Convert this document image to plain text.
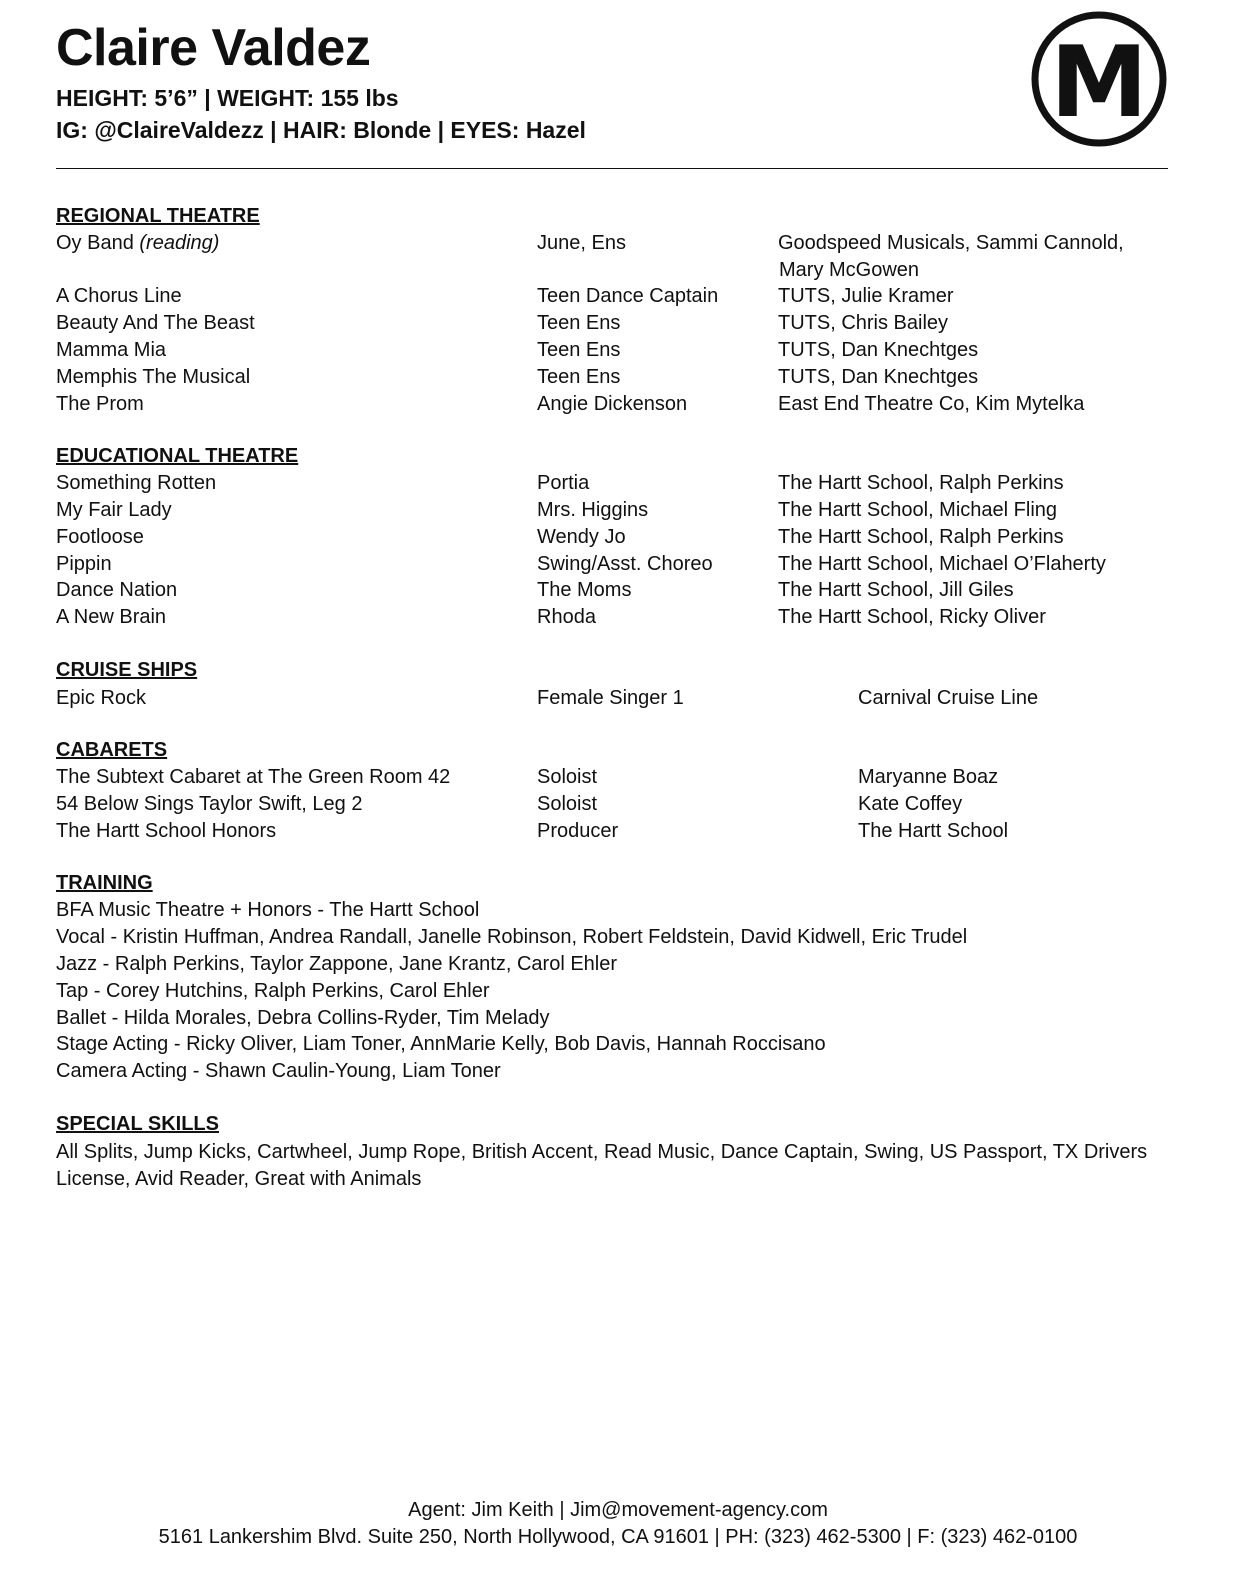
Claire Valdez
HEIGHT: 5’6” | WEIGHT: 155 lbs
IG: @ClaireValdezz | HAIR: Blonde | EYES: Hazel	M
REGIONAL THEATRE
Oy Band (reading)	June, Ens	Goodspeed Musicals, Sammi Cannold,
Mary McGowen
A Chorus Line	Teen Dance Captain	TUTS, Julie Kramer
Beauty And The Beast	Teen Ens	TUTS, Chris Bailey
Mamma Mia	Teen Ens	TUTS, Dan Knechtges
Memphis The Musical	Teen Ens	TUTS, Dan Knechtges
The Prom	Angie Dickenson	East End Theatre Co, Kim Mytelka
EDUCATIONAL THEATRE
Something Rotten	Portia	The Hartt School, Ralph Perkins
My Fair Lady	Mrs. Higgins	The Hartt School, Michael Fling
Footloose	Wendy Jo	The Hartt School, Ralph Perkins
Pippin	Swing/Asst. Choreo	The Hartt School, Michael O’Flaherty
Dance Nation	The Moms	The Hartt School, Jill Giles
A New Brain	Rhoda	The Hartt School, Ricky Oliver
CRUISE SHIPS
Epic Rock	Female Singer 1	Carnival Cruise Line
CABARETS
The Subtext Cabaret at The Green Room 42	Soloist	Maryanne Boaz
54 Below Sings Taylor Swift, Leg 2	Soloist	Kate Coffey
The Hartt School Honors	Producer	The Hartt School
TRAINING
BFA Music Theatre + Honors - The Hartt School
Vocal - Kristin Huffman, Andrea Randall, Janelle Robinson, Robert Feldstein, David Kidwell, Eric Trudel
Jazz - Ralph Perkins, Taylor Zappone, Jane Krantz, Carol Ehler
Tap - Corey Hutchins, Ralph Perkins, Carol Ehler
Ballet - Hilda Morales, Debra Collins-Ryder, Tim Melady
Stage Acting - Ricky Oliver, Liam Toner, AnnMarie Kelly, Bob Davis, Hannah Roccisano
Camera Acting - Shawn Caulin-Young, Liam Toner
SPECIAL SKILLS
All Splits, Jump Kicks, Cartwheel, Jump Rope, British Accent, Read Music, Dance Captain, Swing, US Passport, TX Drivers
License, Avid Reader, Great with Animals
Agent: Jim Keith | Jim@movement-agency.com
5161 Lankershim Blvd. Suite 250, North Hollywood, CA 91601 | PH: (323) 462-5300 | F: (323) 462-0100
